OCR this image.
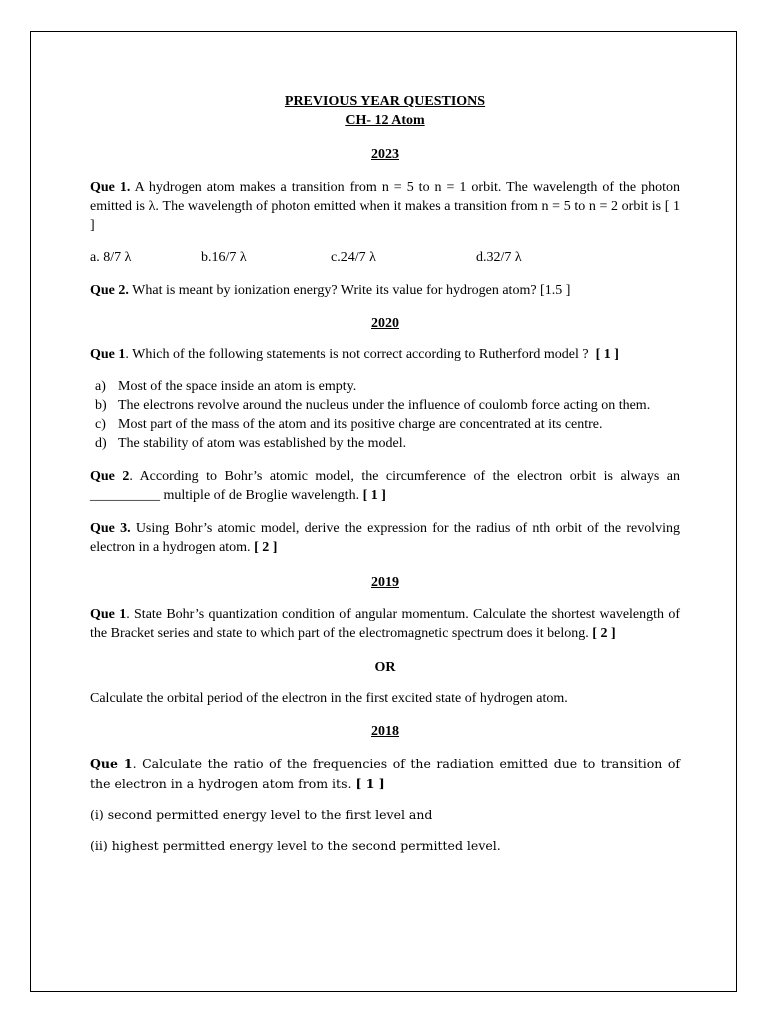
PREVIOUS YEAR QUESTIONS
CH- 12 Atom
2023
Que 1. A hydrogen atom makes a transition from n = 5 to n = 1 orbit. The wavelength of the photon emitted is λ. The wavelength of photon emitted when it makes a transition from n = 5 to n = 2 orbit is [ 1 ]
a. 8/7 λ	b.16/7 λ	c.24/7 λ	d.32/7 λ
Que 2. What is meant by ionization energy? Write its value for hydrogen atom? [1.5 ]
2020
Que 1. Which of the following statements is not correct according to Rutherford model ? [ 1 ]
a) Most of the space inside an atom is empty.
b) The electrons revolve around the nucleus under the influence of coulomb force acting on them.
c) Most part of the mass of the atom and its positive charge are concentrated at its centre.
d) The stability of atom was established by the model.
Que 2. According to Bohr’s atomic model, the circumference of the electron orbit is always an __________ multiple of de Broglie wavelength. [ 1 ]
Que 3. Using Bohr’s atomic model, derive the expression for the radius of nth orbit of the revolving electron in a hydrogen atom. [ 2 ]
2019
Que 1. State Bohr’s quantization condition of angular momentum. Calculate the shortest wavelength of the Bracket series and state to which part of the electromagnetic spectrum does it belong. [ 2 ]
OR
Calculate the orbital period of the electron in the first excited state of hydrogen atom.
2018
Que 1. Calculate the ratio of the frequencies of the radiation emitted due to transition of the electron in a hydrogen atom from its. [ 1 ]
(i) second permitted energy level to the first level and
(ii) highest permitted energy level to the second permitted level.
